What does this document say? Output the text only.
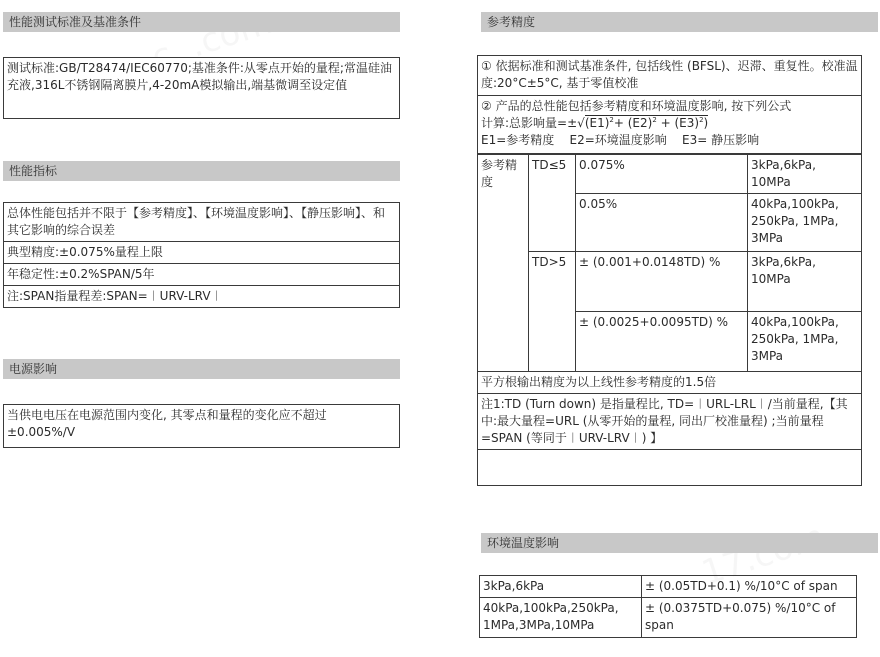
性能测试标准及基准条件
测试标准:GB/T28474/IEC60770;基准条件:从零点开始的量程;常温硅油充液,316L不锈钢隔离膜片,4-20mA模拟输出,端基微调至设定值
性能指标
总体性能包括并不限于【参考精度】、【环境温度影响】、【静压影响】、和其它影响的综合误差
典型精度:±0.075%量程上限
年稳定性:±0.2%SPAN/5年
注:SPAN指量程差:SPAN=︱URV-LRV︱
电源影响
当供电电压在电源范围内变化, 其零点和量程的变化应不超过 ±0.005%/V
参考精度
① 依据标准和测试基准条件, 包括线性 (BFSL)、迟滞、重复性。校准温度:20°C±5°C, 基于零值校准
② 产品的总性能包括参考精度和环境温度影响, 按下列公式
计算:总影响量$=\pm√(E1)^2+ (E2)^2 + (E3)^2$)
E1=参考精度    E2=环境温度影响    E3= 静压影响
参考精度	TD≤5	0.075%	3kPa,6kPa, 10MPa
		0.05%	40kPa,100kPa, 250kPa, 1MPa, 3MPa
	TD>5	± (0.001+0.0148TD) %	3kPa,6kPa, 10MPa
		± (0.0025+0.0095TD) %	40kPa,100kPa, 250kPa, 1MPa, 3MPa
平方根输出精度为以上线性参考精度的1.5倍			
注1:TD (Turn down) 是指量程比, TD=︱URL-LRL︱/当前量程,【其中:最大量程=URL (从零开始的量程, 同出厂校准量程) ;当前量程=SPAN (等同于︱URV-LRV︱) 】			
环境温度影响
3kPa,6kPa	± (0.05TD+0.1) %/10°C of span
40kPa,100kPa,250kPa, 1MPa,3MPa,10MPa	± (0.0375TD+0.075) %/10°C of span
